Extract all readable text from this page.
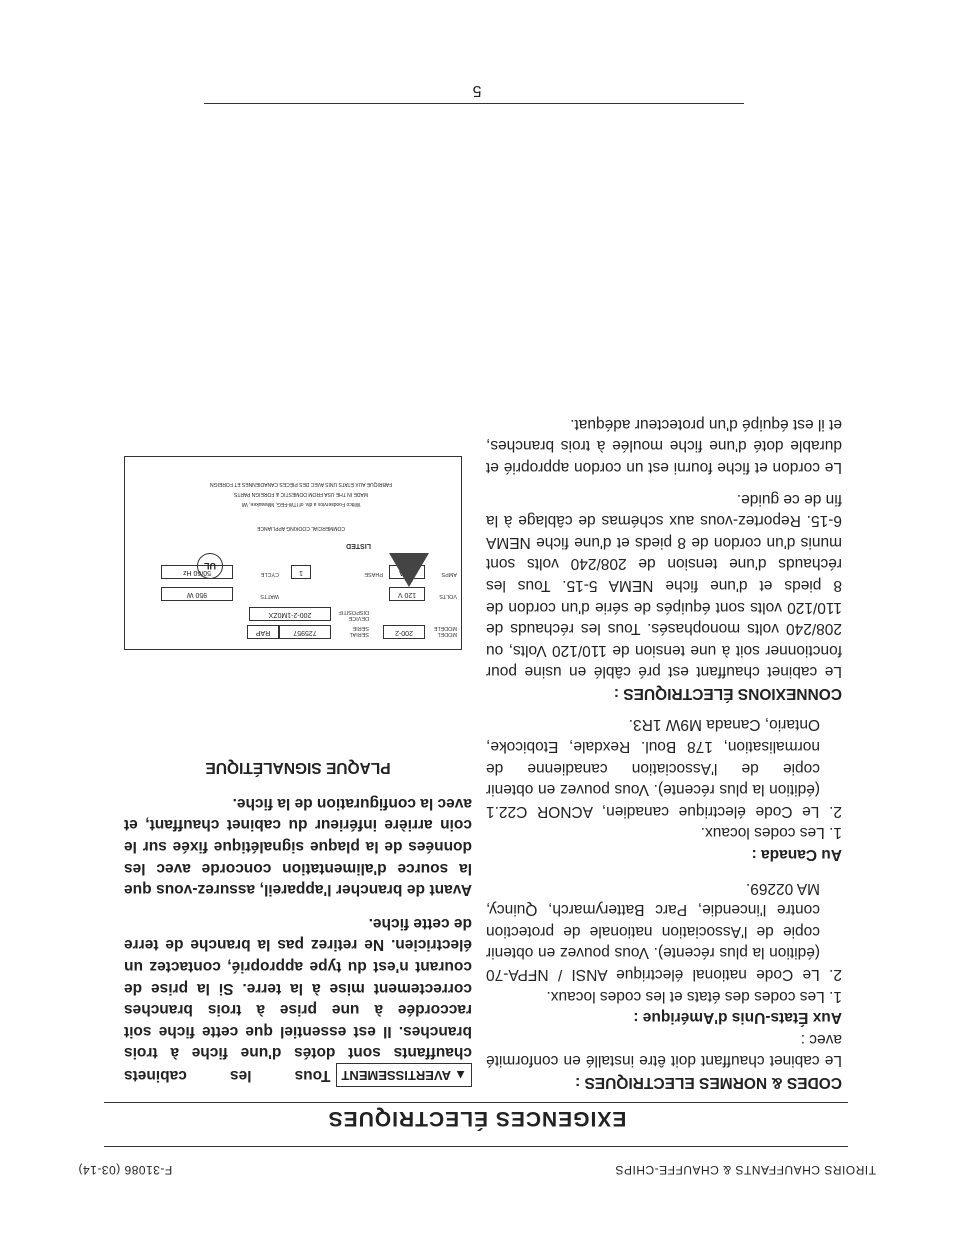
TIROIRS CHAUFFANTS & CHAUFFE-CHIPS
F-31086 (03-14)
EXIGENCES ÉLECTRIQUES

CODES & NORMES ELECTRIQUES :

Le cabinet chauffant doit être installé en conformité avec :

Aux États-Unis d'Amérique :

1. Les codes des états et les codes locaux.

2. Le Code national électrique ANSI / NFPA-70 (édition la plus récente). Vous pouvez en obtenir copie de l'Association nationale de protection contre l'incendie, Parc Batterymarch, Quincy, MA 02269.

Au Canada :

1. Les codes locaux.

2. Le Code électrique canadien, ACNOR C22.1 (édition la plus récente). Vous pouvez en obtenir copie de l'Association canadienne de normalisation, 178 Boul. Rexdale, Etobicoke, Ontario, Canada M9W 1R3.

CONNEXIONS ÉLECTRIQUES :

Le cabinet chauffant est pré câblé en usine pour fonctionner soit à une tension de 110/120 Volts, ou 208/240 volts monophasés. Tous les réchauds de 110/120 volts sont équipés de série d'un cordon de 8 pieds et d'une fiche NEMA 5-15. Tous les réchauds d'une tension de 208/240 volts sont munis d'un cordon de 8 pieds et d'une fiche NEMA 6-15. Reportez-vous aux schémas de câblage à la fin de ce guide.

Le cordon et fiche fourni est un cordon approprié et durable doté d'une fiche moulée à trois branches, et il est équipé d'un protecteur adéquat.

▲ AVERTISSEMENTTous les cabinets chauffants sont dotés d'une fiche à trois branches. Il est essentiel que cette fiche soit raccordée à une prise à trois branches correctement mise à la terre. Si la prise de courant n'est du type approprié, contactez un électricien. Ne retirez pas la branche de terre de cette fiche.

Avant de brancher l'appareil, assurez-vous que la source d'alimentation concorde avec les données de la plaque signalétique fixée sur le coin arrière inférieur du cabinet chauffant, et avec la configuration de la fiche.

PLAQUE SIGNALÉTIQUE

MODEL MODÈLE
200-2
SERIAL SÉRIE
725957
RAP
DEVICE DISPOSITIF
200-2-1M0ZX
VOLTS
120 V
WATTS
950 W
AMPS
7.9 A
PHASE
1
CYCLE
50/60 Hz
UL
LISTED
COMMERCIAL COOKING APPLIANCE
Wittco Foodservice a div. of ITW-FEG, Milwaukee, WI
MADE IN THE USA FROM DOMESTIC & FOREIGN PARTS
FABRIQUÉ AUX ÉTATS UNIS AVEC DES PIÈCES CANADIENNES ET FOREIGN
5
